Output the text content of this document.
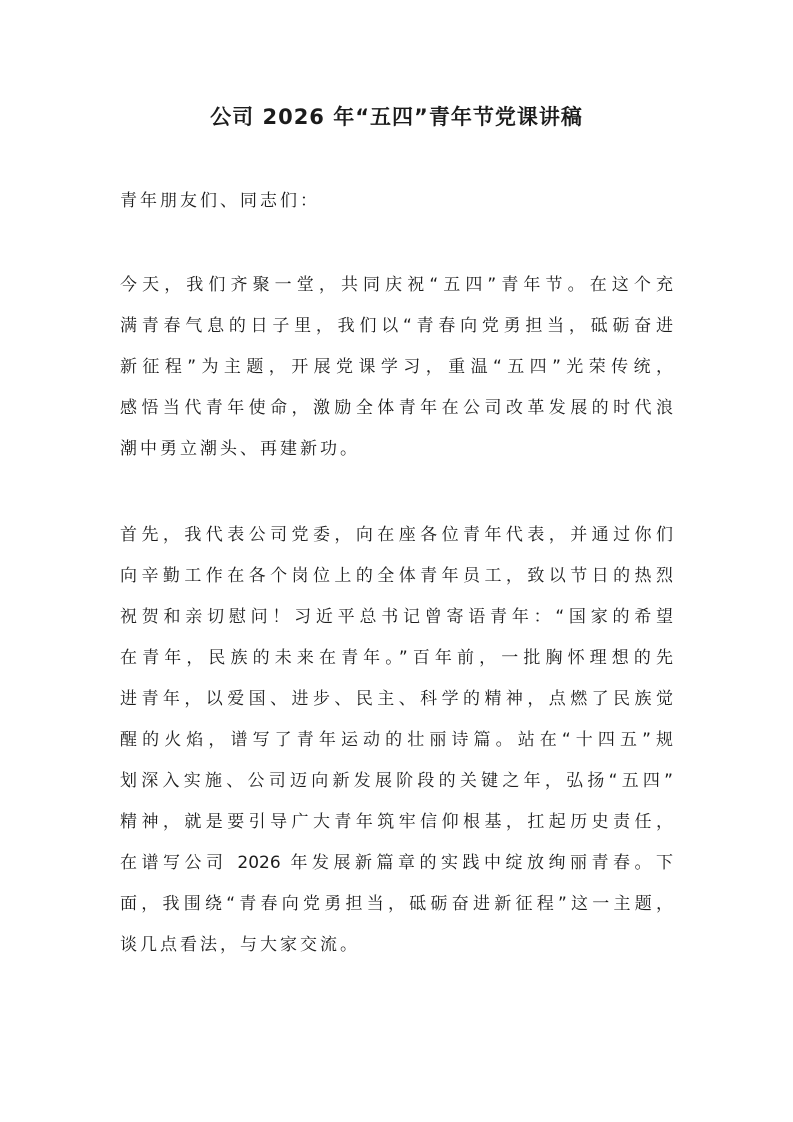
公司 2026 年“五四”青年节党课讲稿
青年朋友们、同志们：
今天，我们齐聚一堂，共同庆祝“五四”青年节。在这个充
满青春气息的日子里，我们以“青春向党勇担当，砥砺奋进
新征程”为主题，开展党课学习，重温“五四”光荣传统，
感悟当代青年使命，激励全体青年在公司改革发展的时代浪
潮中勇立潮头、再建新功。
首先，我代表公司党委，向在座各位青年代表，并通过你们
向辛勤工作在各个岗位上的全体青年员工，致以节日的热烈
祝贺和亲切慰问！习近平总书记曾寄语青年：“国家的希望
在青年，民族的未来在青年。”百年前，一批胸怀理想的先
进青年，以爱国、进步、民主、科学的精神，点燃了民族觉
醒的火焰，谱写了青年运动的壮丽诗篇。站在“十四五”规
划深入实施、公司迈向新发展阶段的关键之年，弘扬“五四”
精神，就是要引导广大青年筑牢信仰根基，扛起历史责任，
在谱写公司 2026 年发展新篇章的实践中绽放绚丽青春。下
面，我围绕“青春向党勇担当，砥砺奋进新征程”这一主题，
谈几点看法，与大家交流。
